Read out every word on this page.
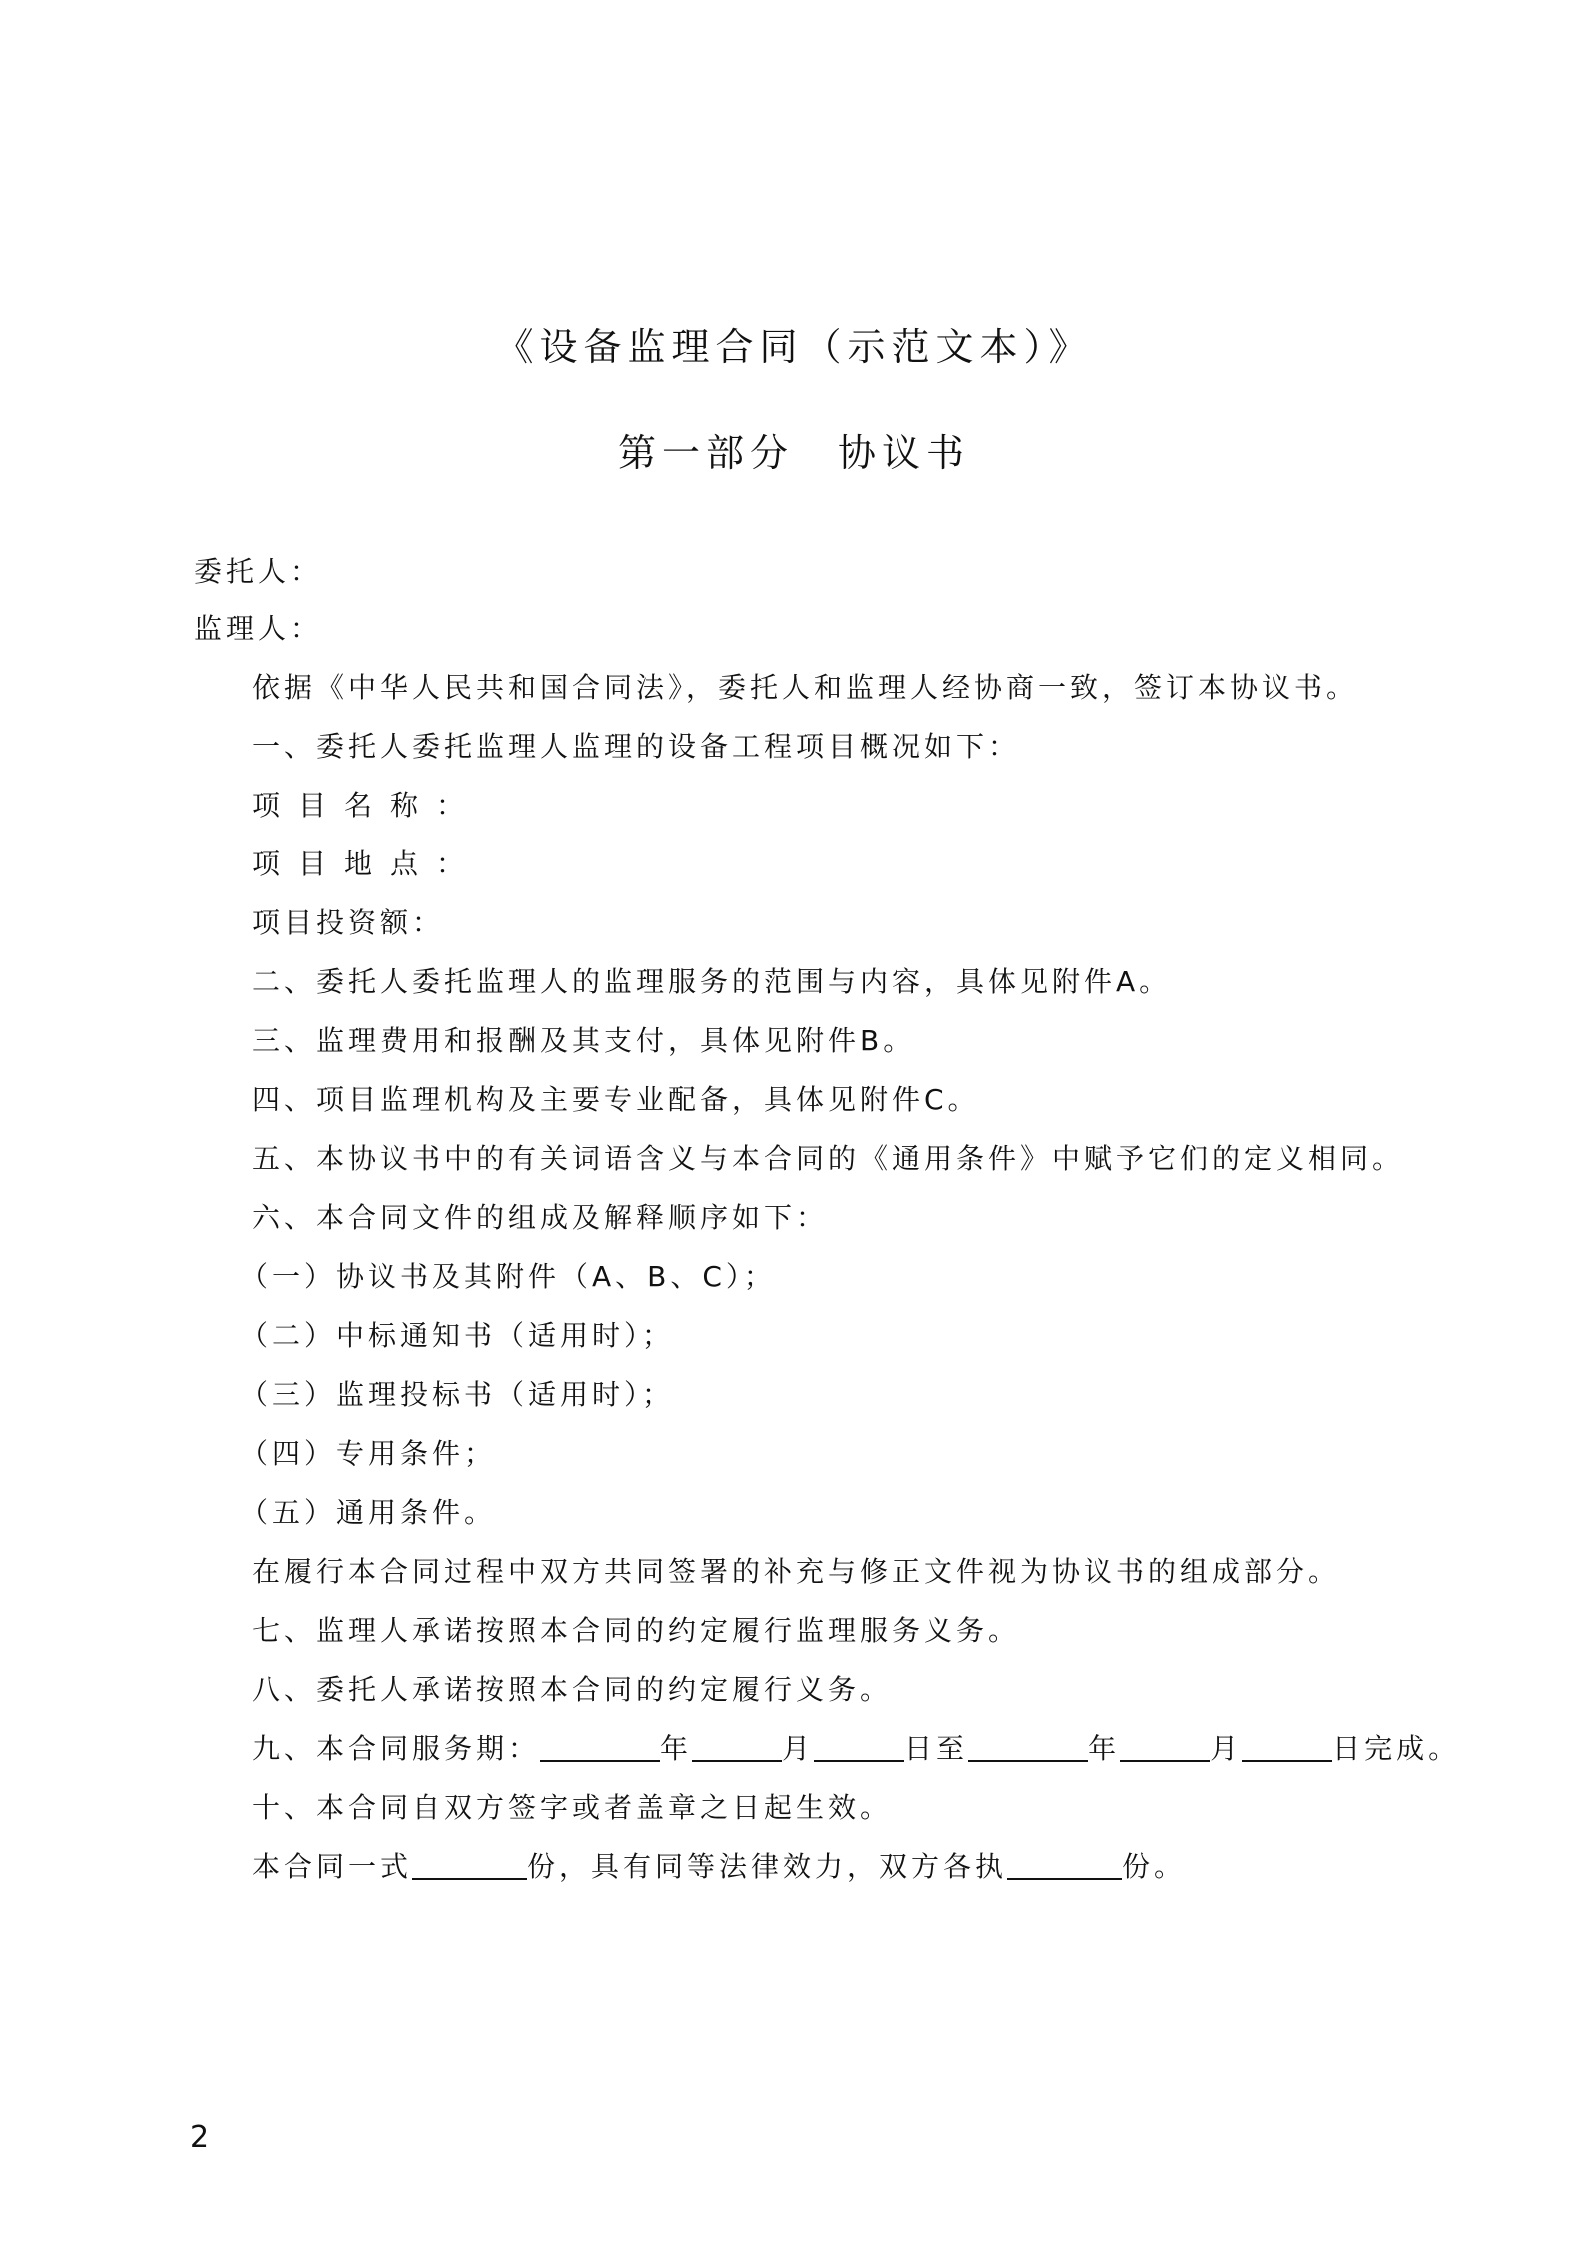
《设备监理合同（示范文本）》
第一部分　协议书
委托人：
监理人：
依据《中华人民共和国合同法》，委托人和监理人经协商一致，签订本协议书。
一、委托人委托监理人监理的设备工程项目概况如下：
项目名称：
项目地点：
项目投资额：
二、委托人委托监理人的监理服务的范围与内容，具体见附件A。
三、监理费用和报酬及其支付，具体见附件B。
四、项目监理机构及主要专业配备，具体见附件C。
五、本协议书中的有关词语含义与本合同的《通用条件》中赋予它们的定义相同。
六、本合同文件的组成及解释顺序如下：
（一）协议书及其附件（A、B、C）；
（二）中标通知书（适用时）；
（三）监理投标书（适用时）；
（四）专用条件；
（五）通用条件。
在履行本合同过程中双方共同签署的补充与修正文件视为协议书的组成部分。
七、监理人承诺按照本合同的约定履行监理服务义务。
八、委托人承诺按照本合同的约定履行义务。
九、本合同服务期：	年	月	日至	年	月	日完成。
十、本合同自双方签字或者盖章之日起生效。
本合同一式	份，具有同等法律效力，双方各执	份。
2
